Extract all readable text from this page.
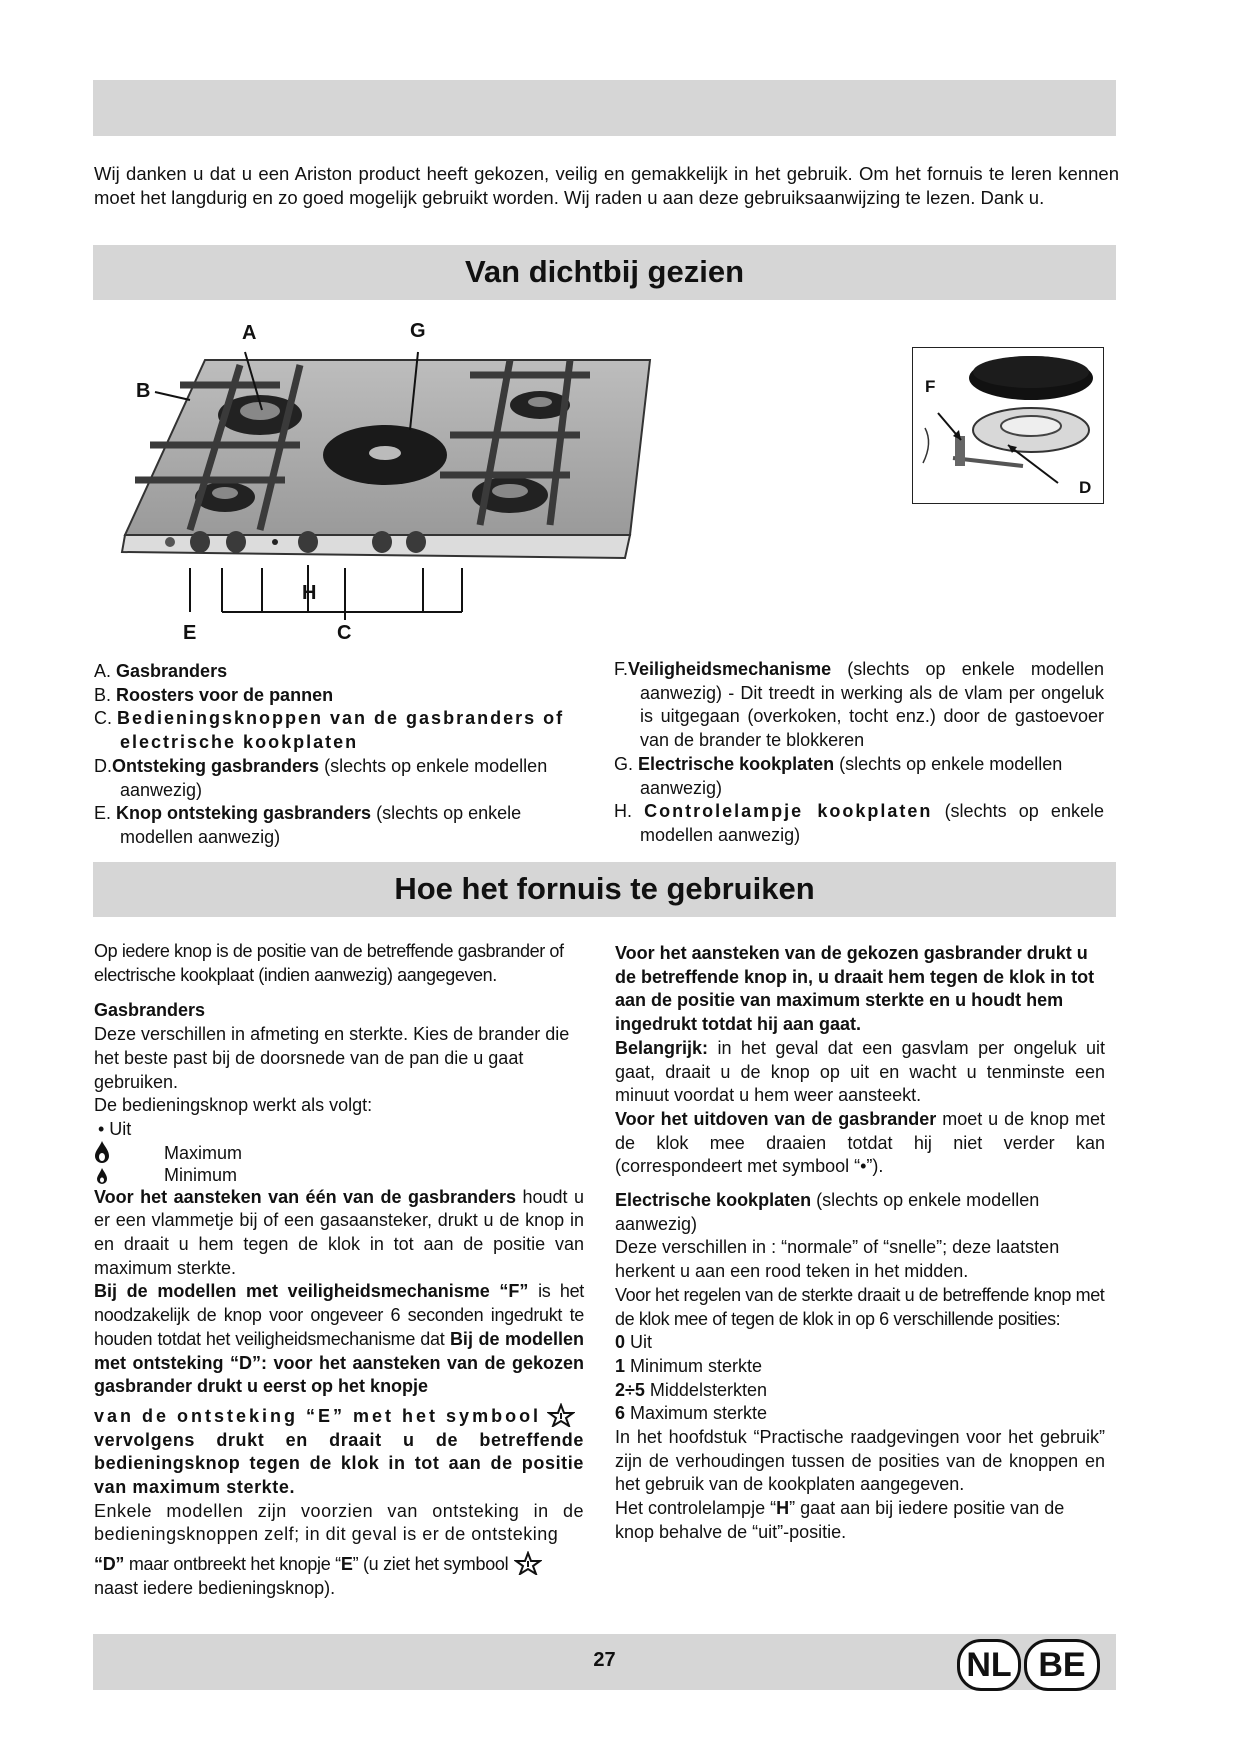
Wij danken u dat u een Ariston product heeft gekozen, veilig en gemakkelijk in het gebruik. Om het fornuis te leren kennen moet het langdurig en zo goed mogelijk gebruikt worden. Wij raden u aan deze gebruiksaanwijzing te lezen. Dank u.
Van dichtbij gezien
A	G
B
H
E	C
F
D

A. Gasbranders

B. Roosters voor de pannen

C. Bedieningsknoppen van de gasbranders of electrische kookplaten

D.Ontsteking gasbranders (slechts op enkele modellen aanwezig)

E. Knop ontsteking gasbranders (slechts op enkele modellen aanwezig)

F.Veiligheidsmechanisme (slechts op enkele modellen aanwezig) - Dit treedt in werking als de vlam per ongeluk is uitgegaan (overkoken, tocht enz.) door de gastoevoer van de brander te blokkeren

G. Electrische kookplaten (slechts op enkele modellen aanwezig)

H. Controlelampje kookplaten (slechts op enkele modellen aanwezig)

Hoe het fornuis te gebruiken

Op iedere knop is de positie van de betreffende gasbrander of electrische kookplaat (indien aanwezig) aangegeven.

Gasbranders

Deze verschillen in afmeting en sterkte. Kies de brander die het beste past bij de doorsnede van de pan die u gaat gebruiken.

De bedieningsknop werkt als volgt:

• Uit

Maximum
Minimum

Voor het aansteken van één van de gasbranders houdt u er een vlammetje bij of een gasaansteker, drukt u de knop in en draait u hem tegen de klok in tot aan de positie van maximum sterkte.

Bij de modellen met veiligheidsmechanisme “F” is het noodzakelijk de knop voor ongeveer 6 seconden ingedrukt te houden totdat het veiligheidsmechanisme dat Bij de modellen met ontsteking “D”: voor het aansteken van de gekozen gasbrander drukt u eerst op het knopje

van de ontsteking “E” met het symbool

vervolgens drukt en draait u de betreffende bedieningsknop tegen de klok in tot aan de positie van maximum sterkte.

Enkele modellen zijn voorzien van ontsteking in de bedieningsknoppen zelf; in dit geval is er de ontsteking

“D” maar ontbreekt het knopje “E” (u ziet het symbool

naast iedere bedieningsknop).

Voor het aansteken van de gekozen gasbrander drukt u de betreffende knop in, u draait hem tegen de klok in tot aan de positie van maximum sterkte en u houdt hem ingedrukt totdat hij aan gaat.

Belangrijk: in het geval dat een gasvlam per ongeluk uit gaat, draait u de knop op uit en wacht u tenminste een minuut voordat u hem weer aansteekt.

Voor het uitdoven van de gasbrander moet u de knop met de klok mee draaien totdat hij niet verder kan (correspondeert met symbool “•”).

Electrische kookplaten (slechts op enkele modellen aanwezig)

Deze verschillen in : “normale” of “snelle”; deze laatsten herkent u aan een rood teken in het midden.

Voor het regelen van de sterkte draait u de betreffende knop met de klok mee of tegen de klok in op 6 verschillende posities:

0 Uit

1 Minimum sterkte

2÷5 Middelsterkten

6 Maximum sterkte

In het hoofdstuk “Practische raadgevingen voor het gebruik” zijn de verhoudingen tussen de posities van de knoppen en het gebruik van de kookplaten aangegeven.

Het controlelampje “H” gaat aan bij iedere positie van de knop behalve de “uit”-positie.

27	NL BE
